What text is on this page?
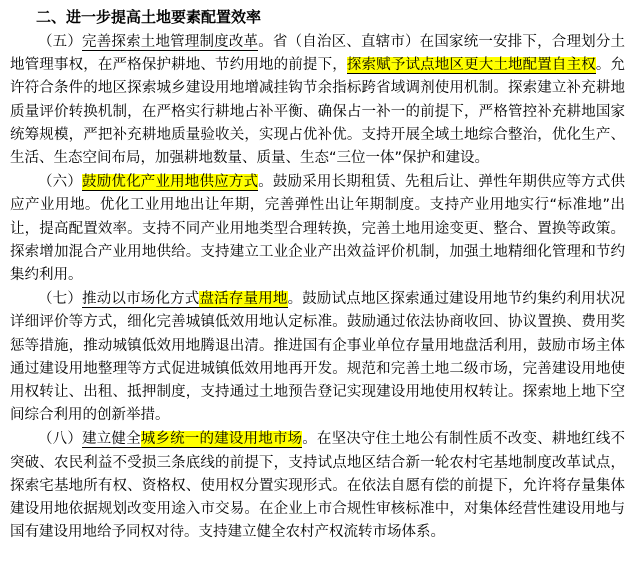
二、进一步提高土地要素配置效率
（五）完善探索土地管理制度改革。省（自治区、直辖市）在国家统一安排下，合理划分土地管理事权，在严格保护耕地、节约用地的前提下，探索赋予试点地区更大土地配置自主权。允许符合条件的地区探索城乡建设用地增减挂钩节余指标跨省域调剂使用机制。探索建立补充耕地质量评价转换机制，在严格实行耕地占补平衡、确保占一补一的前提下，严格管控补充耕地国家统筹规模，严把补充耕地质量验收关，实现占优补优。支持开展全域土地综合整治，优化生产、生活、生态空间布局，加强耕地数量、质量、生态“三位一体”保护和建设。
（六）鼓励优化产业用地供应方式。鼓励采用长期租赁、先租后让、弹性年期供应等方式供应产业用地。优化工业用地出让年期，完善弹性出让年期制度。支持产业用地实行“标准地”出让，提高配置效率。支持不同产业用地类型合理转换，完善土地用途变更、整合、置换等政策。探索增加混合产业用地供给。支持建立工业企业产出效益评价机制，加强土地精细化管理和节约集约利用。
（七）推动以市场化方式盘活存量用地。鼓励试点地区探索通过建设用地节约集约利用状况详细评价等方式，细化完善城镇低效用地认定标准。鼓励通过依法协商收回、协议置换、费用奖惩等措施，推动城镇低效用地腾退出清。推进国有企事业单位存量用地盘活利用，鼓励市场主体通过建设用地整理等方式促进城镇低效用地再开发。规范和完善土地二级市场，完善建设用地使用权转让、出租、抵押制度，支持通过土地预告登记实现建设用地使用权转让。探索地上地下空间综合利用的创新举措。
（八）建立健全城乡统一的建设用地市场。在坚决守住土地公有制性质不改变、耕地红线不突破、农民利益不受损三条底线的前提下，支持试点地区结合新一轮农村宅基地制度改革试点，探索宅基地所有权、资格权、使用权分置实现形式。在依法自愿有偿的前提下，允许将存量集体建设用地依据规划改变用途入市交易。在企业上市合规性审核标准中，对集体经营性建设用地与国有建设用地给予同权对待。支持建立健全农村产权流转市场体系。
